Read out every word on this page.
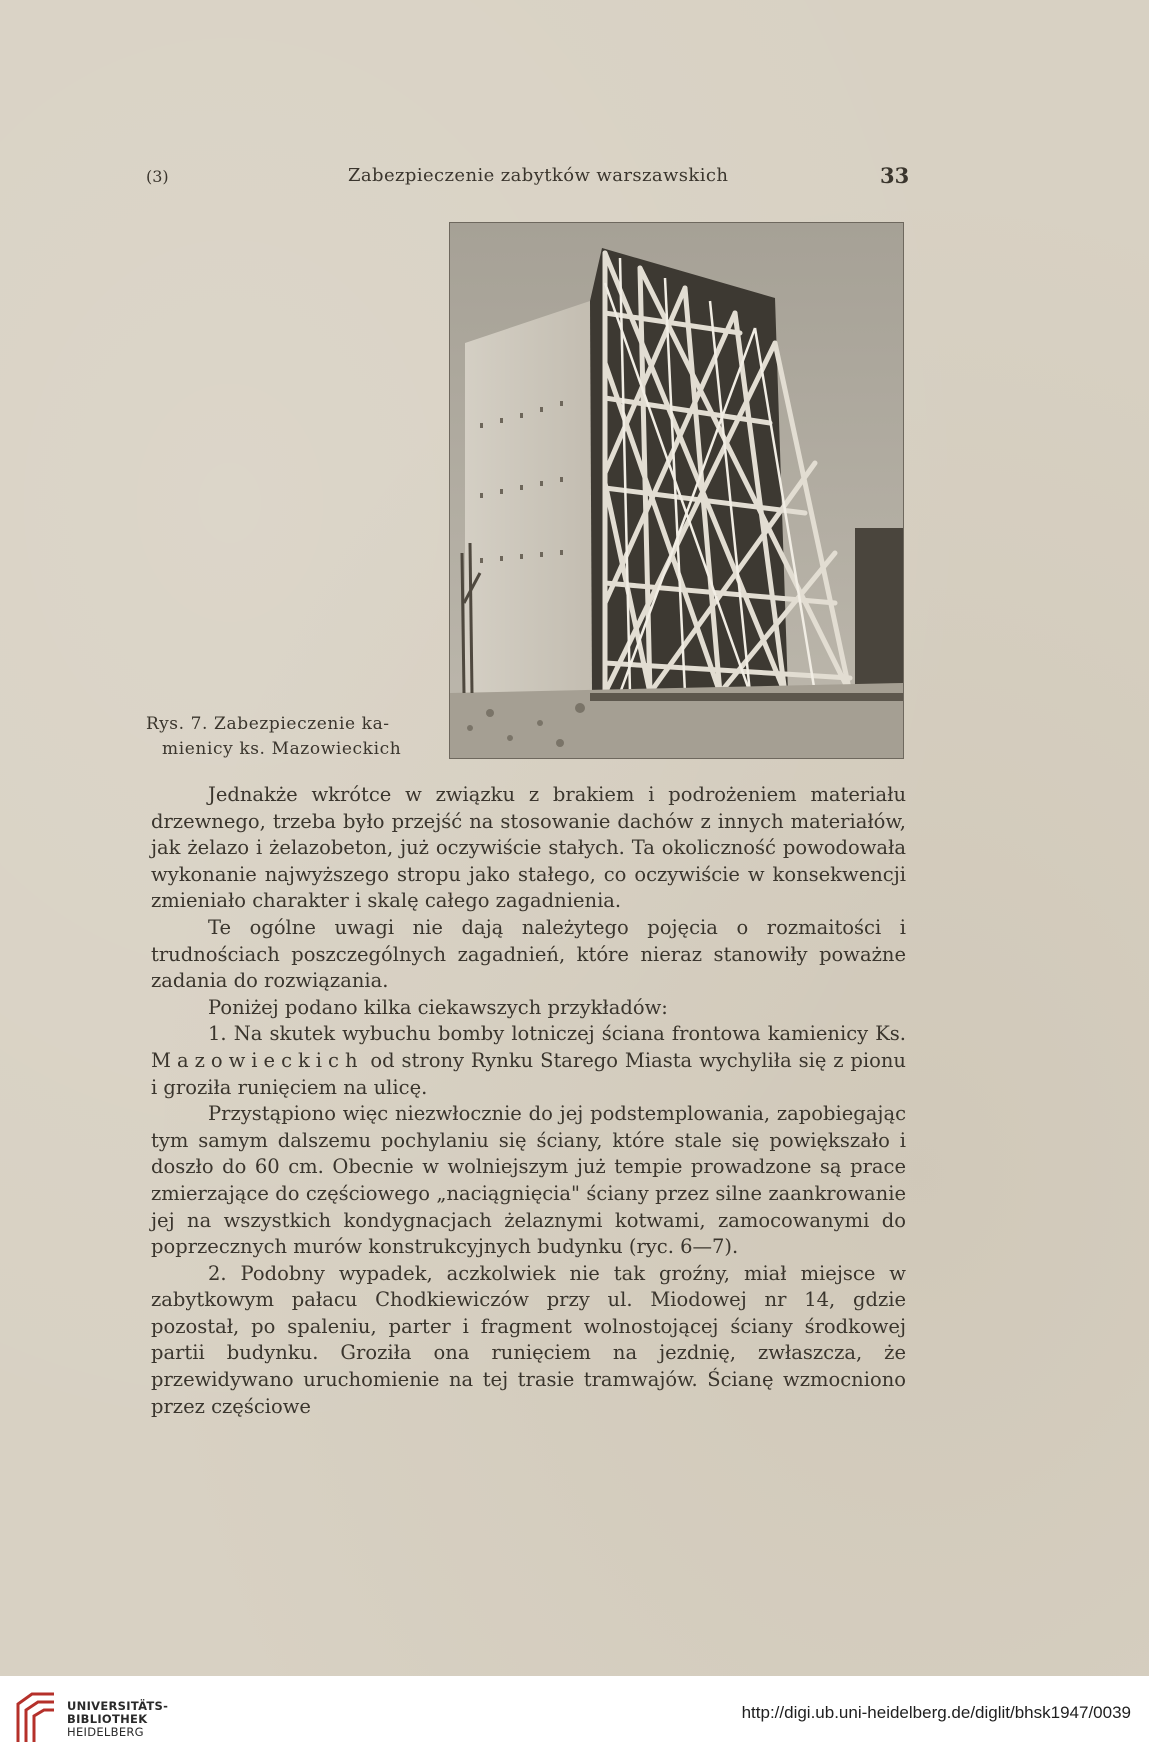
(3)	Zabezpieczenie zabytków warszawskich	33
Rys. 7. Zabezpieczenie ka-
mienicy ks. Mazowieckich

Jednakże wkrótce w związku z brakiem i podrożeniem materiału drzewnego, trzeba było przejść na stosowanie dachów z innych materiałów, jak żelazo i żelazobeton, już oczywiście stałych. Ta okoliczność powodowała wykonanie najwyższego stropu jako stałego, co oczywiście w konsekwencji zmieniało charakter i skalę całego zagadnienia.

Te ogólne uwagi nie dają należytego pojęcia o rozmaitości i trudnościach poszczególnych zagadnień, które nieraz stanowiły poważne zadania do rozwiązania.

Poniżej podano kilka ciekawszych przykładów:

1. Na skutek wybuchu bomby lotniczej ściana frontowa kamienicy Ks. Mazowieckich od strony Rynku Starego Miasta wychyliła się z pionu i groziła runięciem na ulicę.

Przystąpiono więc niezwłocznie do jej podstemplowania, zapobiegając tym samym dalszemu pochylaniu się ściany, które stale się powiększało i doszło do 60 cm. Obecnie w wolniejszym już tempie prowadzone są prace zmierzające do częściowego „naciągnięcia" ściany przez silne zaankrowanie jej na wszystkich kondygnacjach żelaznymi kotwami, zamocowanymi do poprzecznych murów konstrukcyjnych budynku (ryc. 6—7).

2. Podobny wypadek, aczkolwiek nie tak groźny, miał miejsce w zabytkowym pałacu Chodkiewiczów przy ul. Miodowej nr 14, gdzie pozostał, po spaleniu, parter i fragment wolnostojącej ściany środkowej partii budynku. Groziła ona runięciem na jezdnię, zwłaszcza, że przewidywano uruchomienie na tej trasie tramwajów. Ścianę wzmocniono przez częściowe

UNIVERSITÄTS-
BIBLIOTHEK
HEIDELBERG
http://digi.ub.uni-heidelberg.de/diglit/bhsk1947/0039
